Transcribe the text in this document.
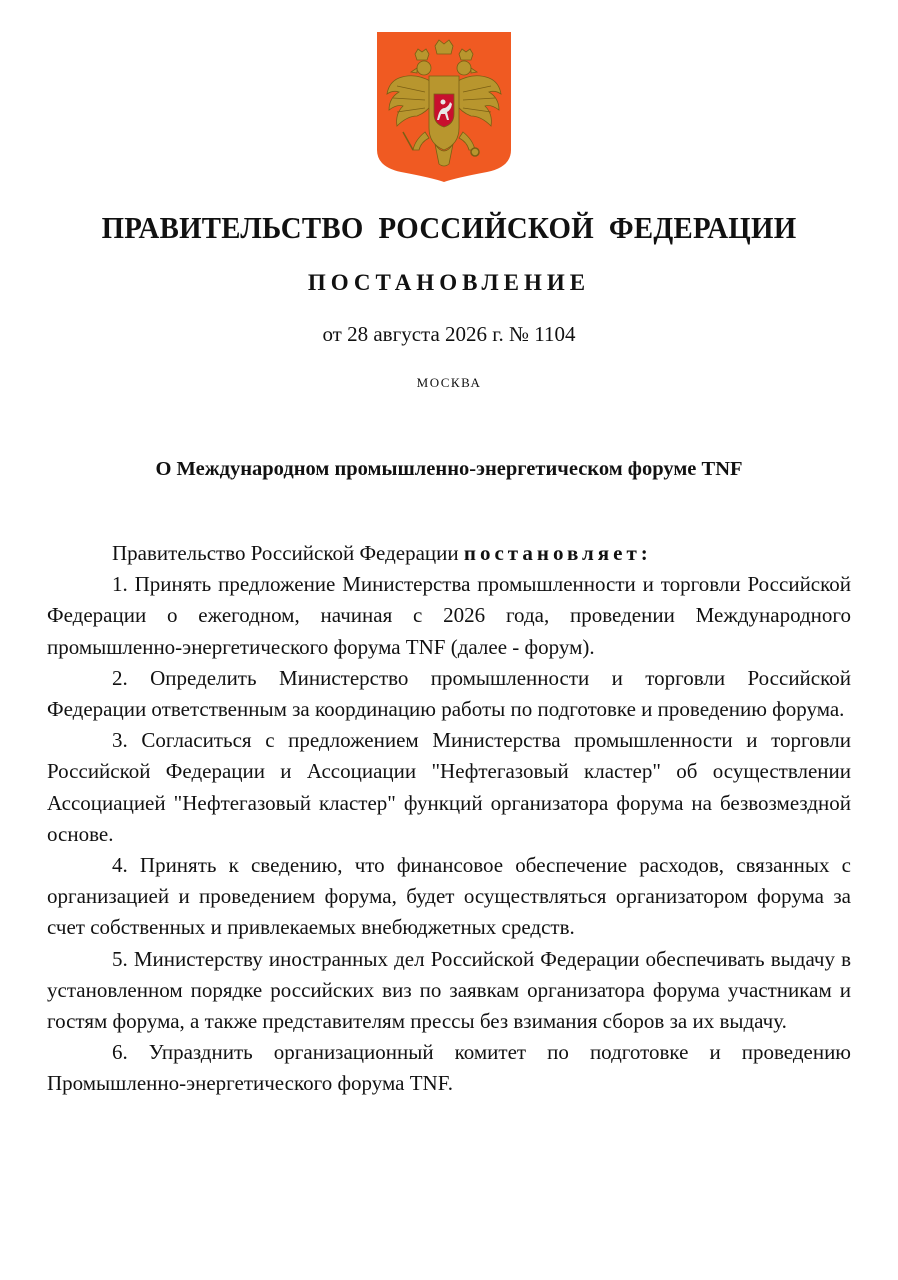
ПРАВИТЕЛЬСТВО РОССИЙСКОЙ ФЕДЕРАЦИИ
ПОСТАНОВЛЕНИЕ
от 28 августа 2026 г. № 1104
МОСКВА
О Международном промышленно-энергетическом форуме TNF

Правительство Российской Федерации постановляет:

1. Принять предложение Министерства промышленности и торговли Российской Федерации о ежегодном, начиная с 2026 года, проведении Международного промышленно-энергетического форума TNF (далее - форум).

2. Определить Министерство промышленности и торговли Российской Федерации ответственным за координацию работы по подготовке и проведению форума.

3. Согласиться с предложением Министерства промышленности и торговли Российской Федерации и Ассоциации "Нефтегазовый кластер" об осуществлении Ассоциацией "Нефтегазовый кластер" функций организатора форума на безвозмездной основе.

4. Принять к сведению, что финансовое обеспечение расходов, связанных с организацией и проведением форума, будет осуществляться организатором форума за счет собственных и привлекаемых внебюджетных средств.

5. Министерству иностранных дел Российской Федерации обеспечивать выдачу в установленном порядке российских виз по заявкам организатора форума участникам и гостям форума, а также представителям прессы без взимания сборов за их выдачу.

6. Упразднить организационный комитет по подготовке и проведению Промышленно-энергетического форума TNF.
